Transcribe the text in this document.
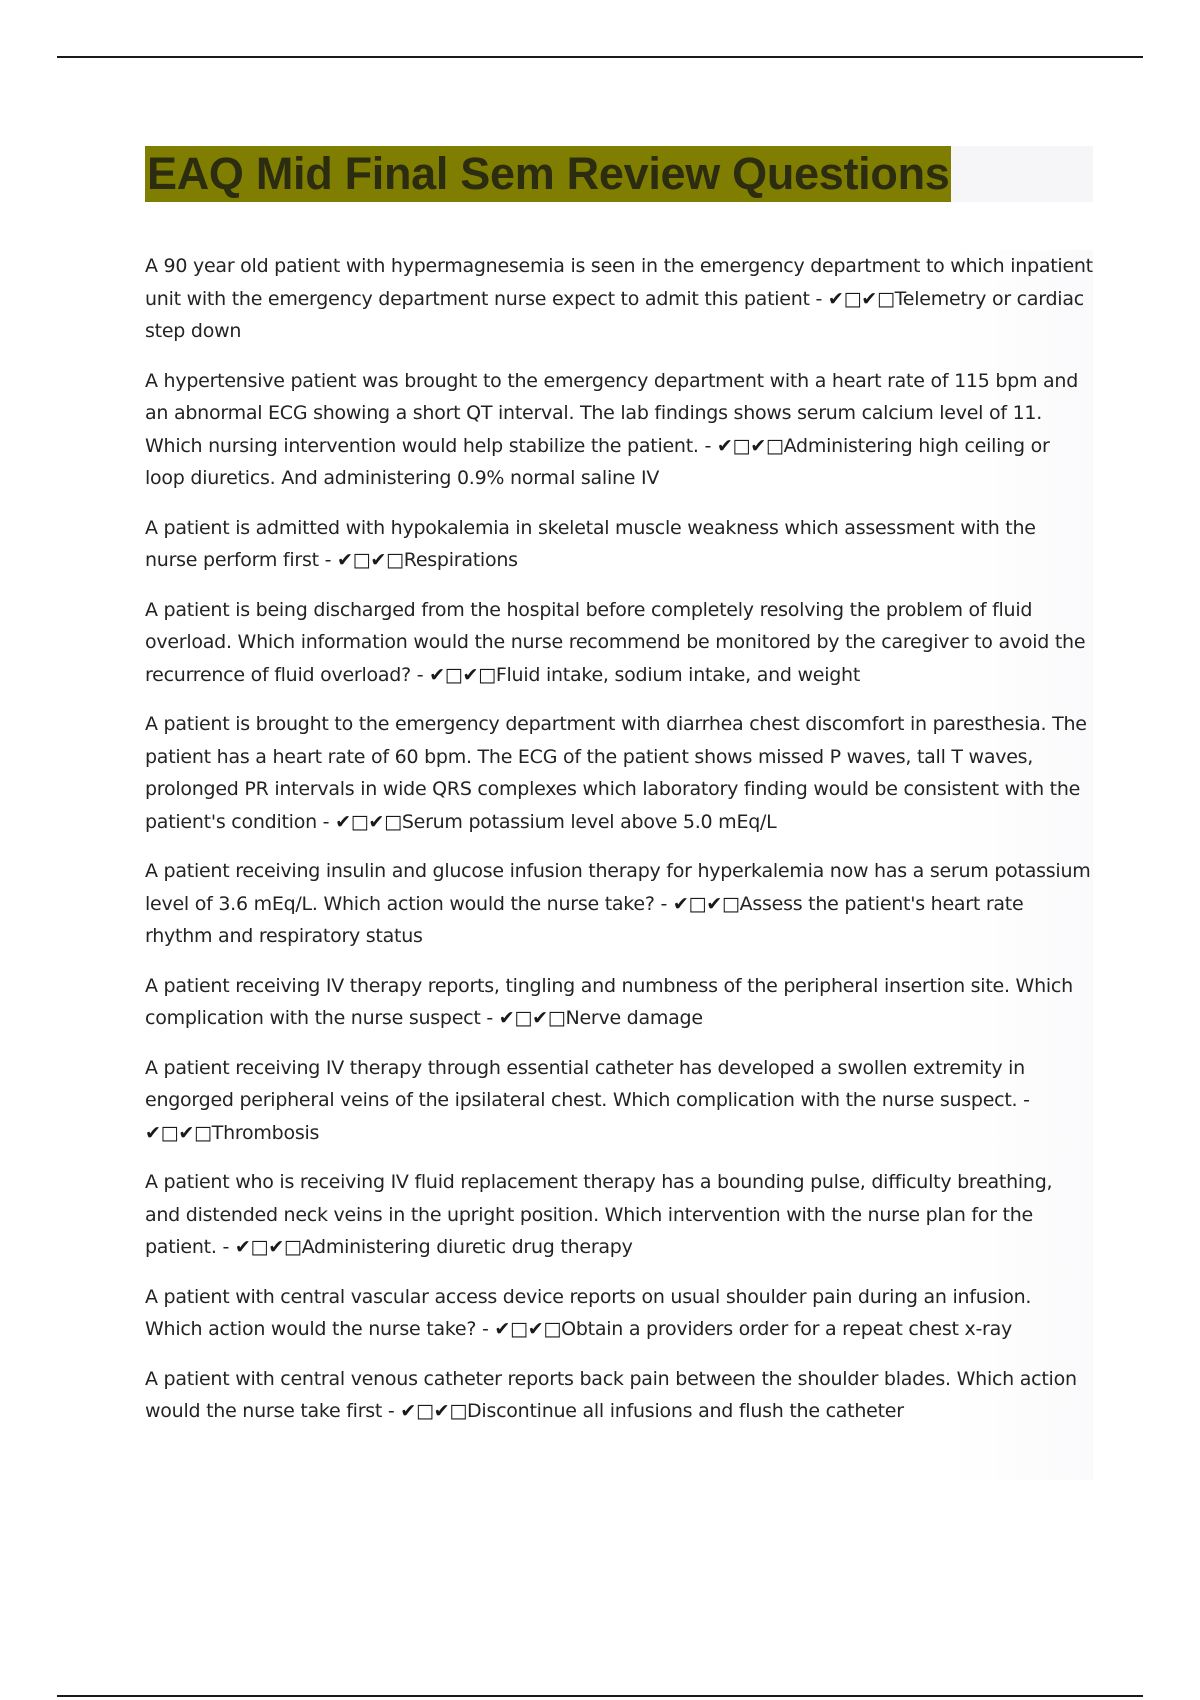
EAQ Mid Final Sem Review Questions

A 90 year old patient with hypermagnesemia is seen in the emergency department to which inpatient unit with the emergency department nurse expect to admit this patient - ✔□✔□Telemetry or cardiac step down

A hypertensive patient was brought to the emergency department with a heart rate of 115 bpm and an abnormal ECG showing a short QT interval. The lab findings shows serum calcium level of 11. Which nursing intervention would help stabilize the patient. - ✔□✔□Administering high ceiling or loop diuretics. And administering 0.9% normal saline IV

A patient is admitted with hypokalemia in skeletal muscle weakness which assessment with the nurse perform first - ✔□✔□Respirations

A patient is being discharged from the hospital before completely resolving the problem of fluid overload. Which information would the nurse recommend be monitored by the caregiver to avoid the recurrence of fluid overload? - ✔□✔□Fluid intake, sodium intake, and weight

A patient is brought to the emergency department with diarrhea chest discomfort in paresthesia. The patient has a heart rate of 60 bpm. The ECG of the patient shows missed P waves, tall T waves, prolonged PR intervals in wide QRS complexes which laboratory finding would be consistent with the patient's condition - ✔□✔□Serum potassium level above 5.0 mEq/L

A patient receiving insulin and glucose infusion therapy for hyperkalemia now has a serum potassium level of 3.6 mEq/L. Which action would the nurse take? - ✔□✔□Assess the patient's heart rate rhythm and respiratory status

A patient receiving IV therapy reports, tingling and numbness of the peripheral insertion site. Which complication with the nurse suspect - ✔□✔□Nerve damage

A patient receiving IV therapy through essential catheter has developed a swollen extremity in engorged peripheral veins of the ipsilateral chest. Which complication with the nurse suspect. - ✔□✔□Thrombosis

A patient who is receiving IV fluid replacement therapy has a bounding pulse, difficulty breathing, and distended neck veins in the upright position. Which intervention with the nurse plan for the patient. - ✔□✔□Administering diuretic drug therapy

A patient with central vascular access device reports on usual shoulder pain during an infusion. Which action would the nurse take? - ✔□✔□Obtain a providers order for a repeat chest x-ray

A patient with central venous catheter reports back pain between the shoulder blades. Which action would the nurse take first - ✔□✔□Discontinue all infusions and flush the catheter
